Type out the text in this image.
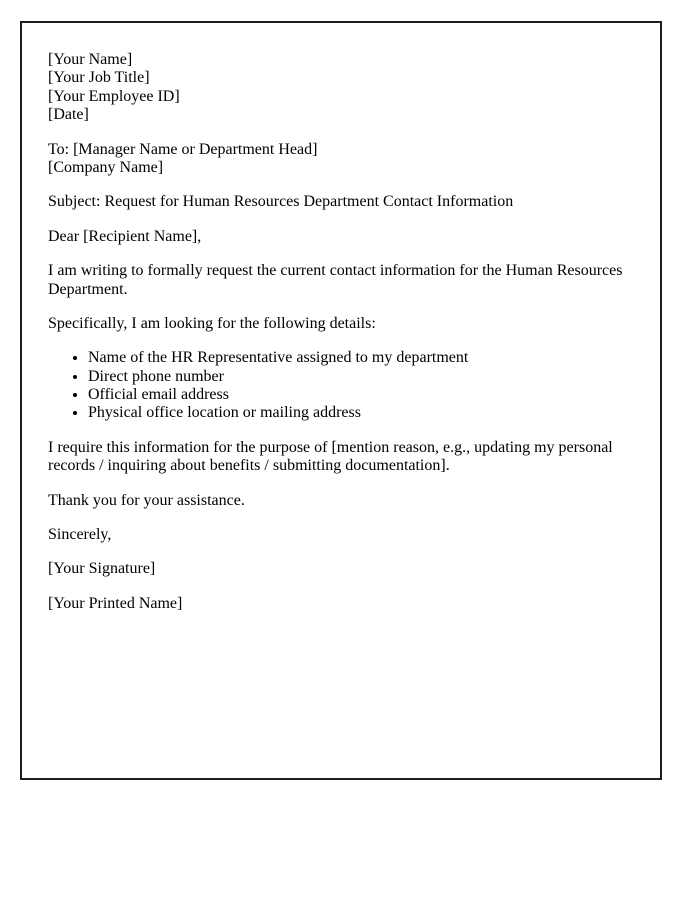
[Your Name]
[Your Job Title]
[Your Employee ID]
[Date]

To: [Manager Name or Department Head]
[Company Name]

Subject: Request for Human Resources Department Contact Information

Dear [Recipient Name],

I am writing to formally request the current contact information for the Human Resources Department.

Specifically, I am looking for the following details:

• Name of the HR Representative assigned to my department
• Direct phone number
• Official email address
• Physical office location or mailing address

I require this information for the purpose of [mention reason, e.g., updating my personal records / inquiring about benefits / submitting documentation].

Thank you for your assistance.

Sincerely,

[Your Signature]

[Your Printed Name]
